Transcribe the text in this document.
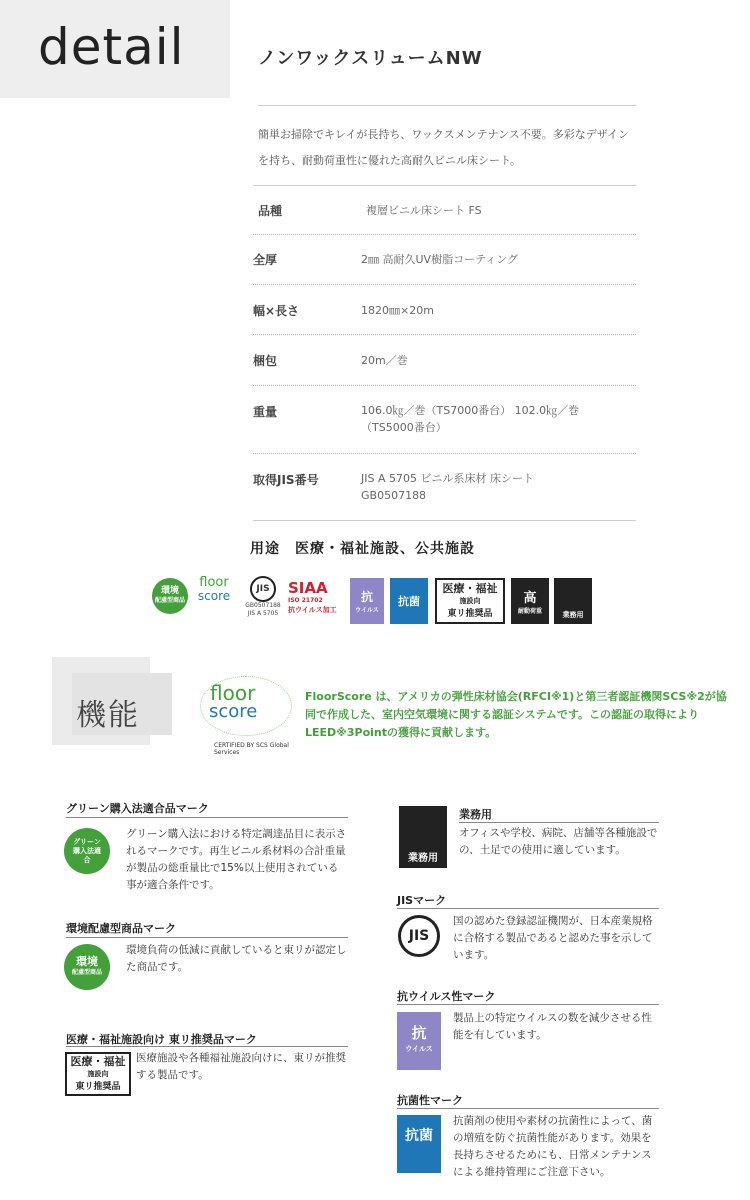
detail	ノンワックスリュームNW
簡単お掃除でキレイが長持ち、ワックスメンテナンス不要。多彩なデザインを持ち、耐動荷重性に優れた高耐久ビニル床シート。
品種	複層ビニル床シート FS
全厚	2㎜ 高耐久UV樹脂コーティング
幅×長さ	1820㎜×20m
梱包	20m／巻
重量	106.0㎏／巻（TS7000番台） 102.0㎏／巻（TS5000番台）
取得JIS番号	JIS A 5705 ビニル系床材 床シート GB0507188
用途　医療・福祉施設、公共施設
環境
配慮型商品
floor
score	JIS
GB0507188
JIS A 5705
SIAA
ISO 21702
抗ウイルス加工
抗
ウイルス
抗菌
医療・福祉
施設向
東リ推奨品
高
耐動荷重	業務用
機能
floor
score
CERTIFIED BY SCS Global Services
FloorScore は、アメリカの弾性床材協会(RFCI※1)と第三者認証機関SCS※2が協同で作成した、室内空気環境に関する認証システムです。この認証の取得によりLEED※3Pointの獲得に貢献します。
グリーン購入法適合品マーク
グリーン購入法適合
グリーン購入法における特定調達品目に表示されるマークです。再生ビニル系材料の合計重量が製品の総重量比で15%以上使用されている事が適合条件です。
環境配慮型商品マーク
環境
配慮型商品
環境負荷の低減に貢献していると東リが認定した商品です。
医療・福祉施設向け 東リ推奨品マーク
医療・福祉
施設向
東リ推奨品
医療施設や各種福祉施設向けに、東リが推奨する製品です。
業務用
業務用
オフィスや学校、病院、店舗等各種施設での、土足での使用に適しています。
JISマーク
JIS
国の認めた登録認証機関が、日本産業規格に合格する製品であると認めた事を示しています。
抗ウイルス性マーク
抗
ウイルス
製品上の特定ウイルスの数を減少させる性能を有しています。
抗菌性マーク
抗菌
抗菌剤の使用や素材の抗菌性によって、菌の増殖を防ぐ抗菌性能があります。効果を長持ちさせるためにも、日常メンテナンスによる維持管理にご注意下さい。
